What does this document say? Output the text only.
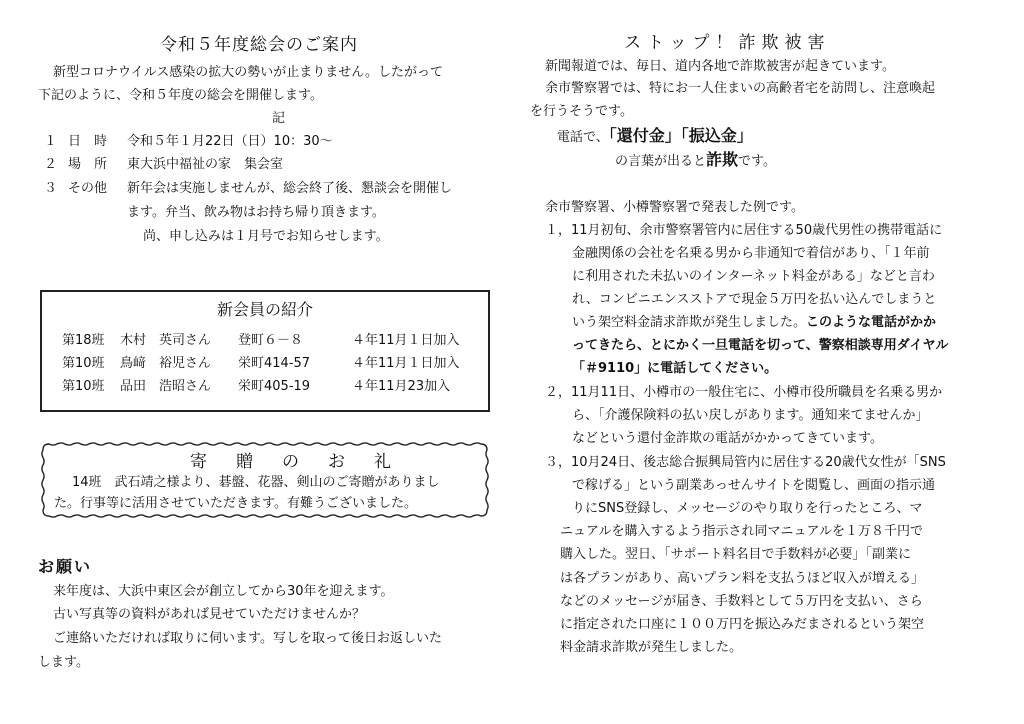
令和５年度総会のご案内
新型コロナウイルス感染の拡大の勢いが止まりません。したがって
下記のように、令和５年度の総会を開催します。
記
１ 日　時 令和５年１月22日（日）10：30～
２ 場　所 東大浜中福祉の家　集会室
３ その他 新年会は実施しませんが、総会終了後、懇談会を開催し
ます。弁当、飲み物はお持ち帰り頂きます。
尚、申し込みは１月号でお知らせします。
新会員の紹介
第18班 木村　英司さん 登町６－８	４年11月１日加入
第10班 鳥﨑　裕児さん 栄町414-57	４年11月１日加入
第10班 品田　浩昭さん 栄町405-19	４年11月23加入
寄　贈　の　お　礼
14班　武石靖之様より、碁盤、花器、剣山のご寄贈がありまし
た。行事等に活用させていただきます。有難うございました。
お願い
来年度は、大浜中東区会が創立してから30年を迎えます。
古い写真等の資料があれば見せていただけませんか？
ご連絡いただければ取りに伺います。写しを取って後日お返しいた
します。
ストップ！詐欺被害
新聞報道では、毎日、道内各地で詐欺被害が起きています。
余市警察署では、特にお一人住まいの高齢者宅を訪問し、注意喚起
を行うそうです。
電話で、「還付金」「振込金」
の言葉が出ると詐欺です。
余市警察署、小樽警察署で発表した例です。
１，11月初旬、余市警察署管内に居住する50歳代男性の携帯電話に
金融関係の会社を名乗る男から非通知で着信があり、「１年前
に利用された未払いのインターネット料金がある」などと言わ
れ、コンビニエンスストアで現金５万円を払い込んでしまうと
いう架空料金請求詐欺が発生しました。このような電話がかか
ってきたら、とにかく一旦電話を切って、警察相談専用ダイヤル
「＃9110」に電話してください。
２，11月11日、小樽市の一般住宅に、小樽市役所職員を名乗る男か
ら、「介護保険料の払い戻しがあります。通知来てませんか」
などという還付金詐欺の電話がかかってきています。
３，10月24日、後志総合振興局管内に居住する20歳代女性が「SNS
で稼げる」という副業あっせんサイトを閲覧し、画面の指示通
りにSNS登録し、メッセージのやり取りを行ったところ、マ
ニュアルを購入するよう指示され同マニュアルを１万８千円で
購入した。翌日、「サポート料名目で手数料が必要」「副業に
は各プランがあり、高いプラン料を支払うほど収入が増える」
などのメッセージが届き、手数料として５万円を支払い、さら
に指定された口座に１００万円を振込みだまされるという架空
料金請求詐欺が発生しました。
